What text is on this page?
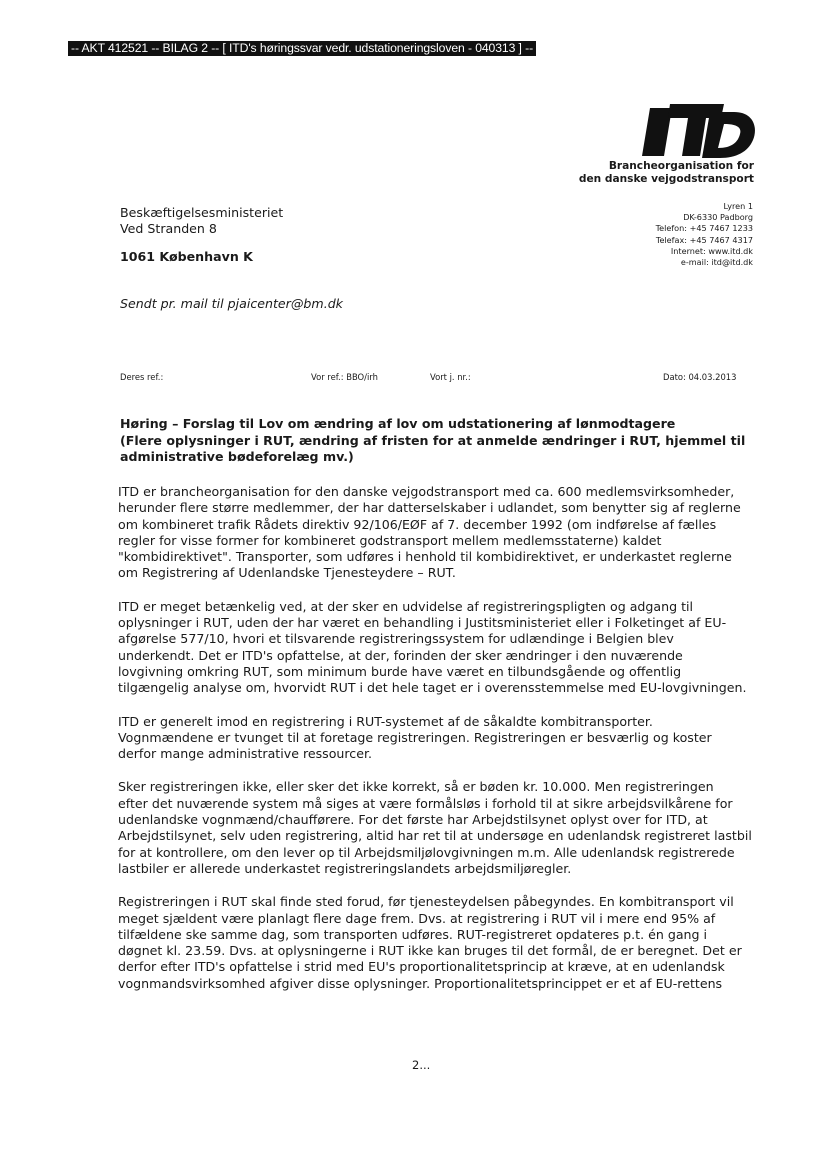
-- AKT 412521 -- BILAG 2 -- [ ITD's høringssvar vedr. udstationeringsloven - 040313 ] --
Brancheorganisation for
den danske vejgodstransport
Lyren 1
DK-6330 Padborg
Telefon: +45 7467 1233
Telefax: +45 7467 4317
Internet: www.itd.dk
e-mail: itd@itd.dk
Beskæftigelsesministeriet
Ved Stranden 8
1061 København K
Sendt pr. mail til pjaicenter@bm.dk
Deres ref.:	Vor ref.: BBO/irh	Vort j. nr.:	Dato: 04.03.2013
Høring – Forslag til Lov om ændring af lov om udstationering af lønmodtagere
(Flere oplysninger i RUT, ændring af fristen for at anmelde ændringer i RUT, hjemmel til administrative bødeforelæg mv.)

ITD er brancheorganisation for den danske vejgodstransport med ca. 600 medlemsvirksomheder,
herunder flere større medlemmer, der har datterselskaber i udlandet, som benytter sig af reglerne
om kombineret trafik Rådets direktiv 92/106/EØF af 7. december 1992 (om indførelse af fælles
regler for visse former for kombineret godstransport mellem medlemsstaterne) kaldet
"kombidirektivet". Transporter, som udføres i henhold til kombidirektivet, er underkastet reglerne
om Registrering af Udenlandske Tjenesteydere – RUT.

ITD er meget betænkelig ved, at der sker en udvidelse af registreringspligten og adgang til
oplysninger i RUT, uden der har været en behandling i Justitsministeriet eller i Folketinget af EU-
afgørelse 577/10, hvori et tilsvarende registreringssystem for udlændinge i Belgien blev
underkendt. Det er ITD's opfattelse, at der, forinden der sker ændringer i den nuværende
lovgivning omkring RUT, som minimum burde have været en tilbundsgående og offentlig
tilgængelig analyse om, hvorvidt RUT i det hele taget er i overensstemmelse med EU-lovgivningen.

ITD er generelt imod en registrering i RUT-systemet af de såkaldte kombitransporter.
Vognmændene er tvunget til at foretage registreringen. Registreringen er besværlig og koster
derfor mange administrative ressourcer.

Sker registreringen ikke, eller sker det ikke korrekt, så er bøden kr. 10.000. Men registreringen
efter det nuværende system må siges at være formålsløs i forhold til at sikre arbejdsvilkårene for
udenlandske vognmænd/chaufførere. For det første har Arbejdstilsynet oplyst over for ITD, at
Arbejdstilsynet, selv uden registrering, altid har ret til at undersøge en udenlandsk registreret lastbil
for at kontrollere, om den lever op til Arbejdsmiljølovgivningen m.m. Alle udenlandsk registrerede
lastbiler er allerede underkastet registreringslandets arbejdsmiljøregler.

Registreringen i RUT skal finde sted forud, før tjenesteydelsen påbegyndes. En kombitransport vil
meget sjældent være planlagt flere dage frem. Dvs. at registrering i RUT vil i mere end 95% af
tilfældene ske samme dag, som transporten udføres. RUT-registreret opdateres p.t. én gang i
døgnet kl. 23.59. Dvs. at oplysningerne i RUT ikke kan bruges til det formål, de er beregnet. Det er
derfor efter ITD's opfattelse i strid med EU's proportionalitetsprincip at kræve, at en udenlandsk
vognmandsvirksomhed afgiver disse oplysninger. Proportionalitetsprincippet er et af EU-rettens

2...
